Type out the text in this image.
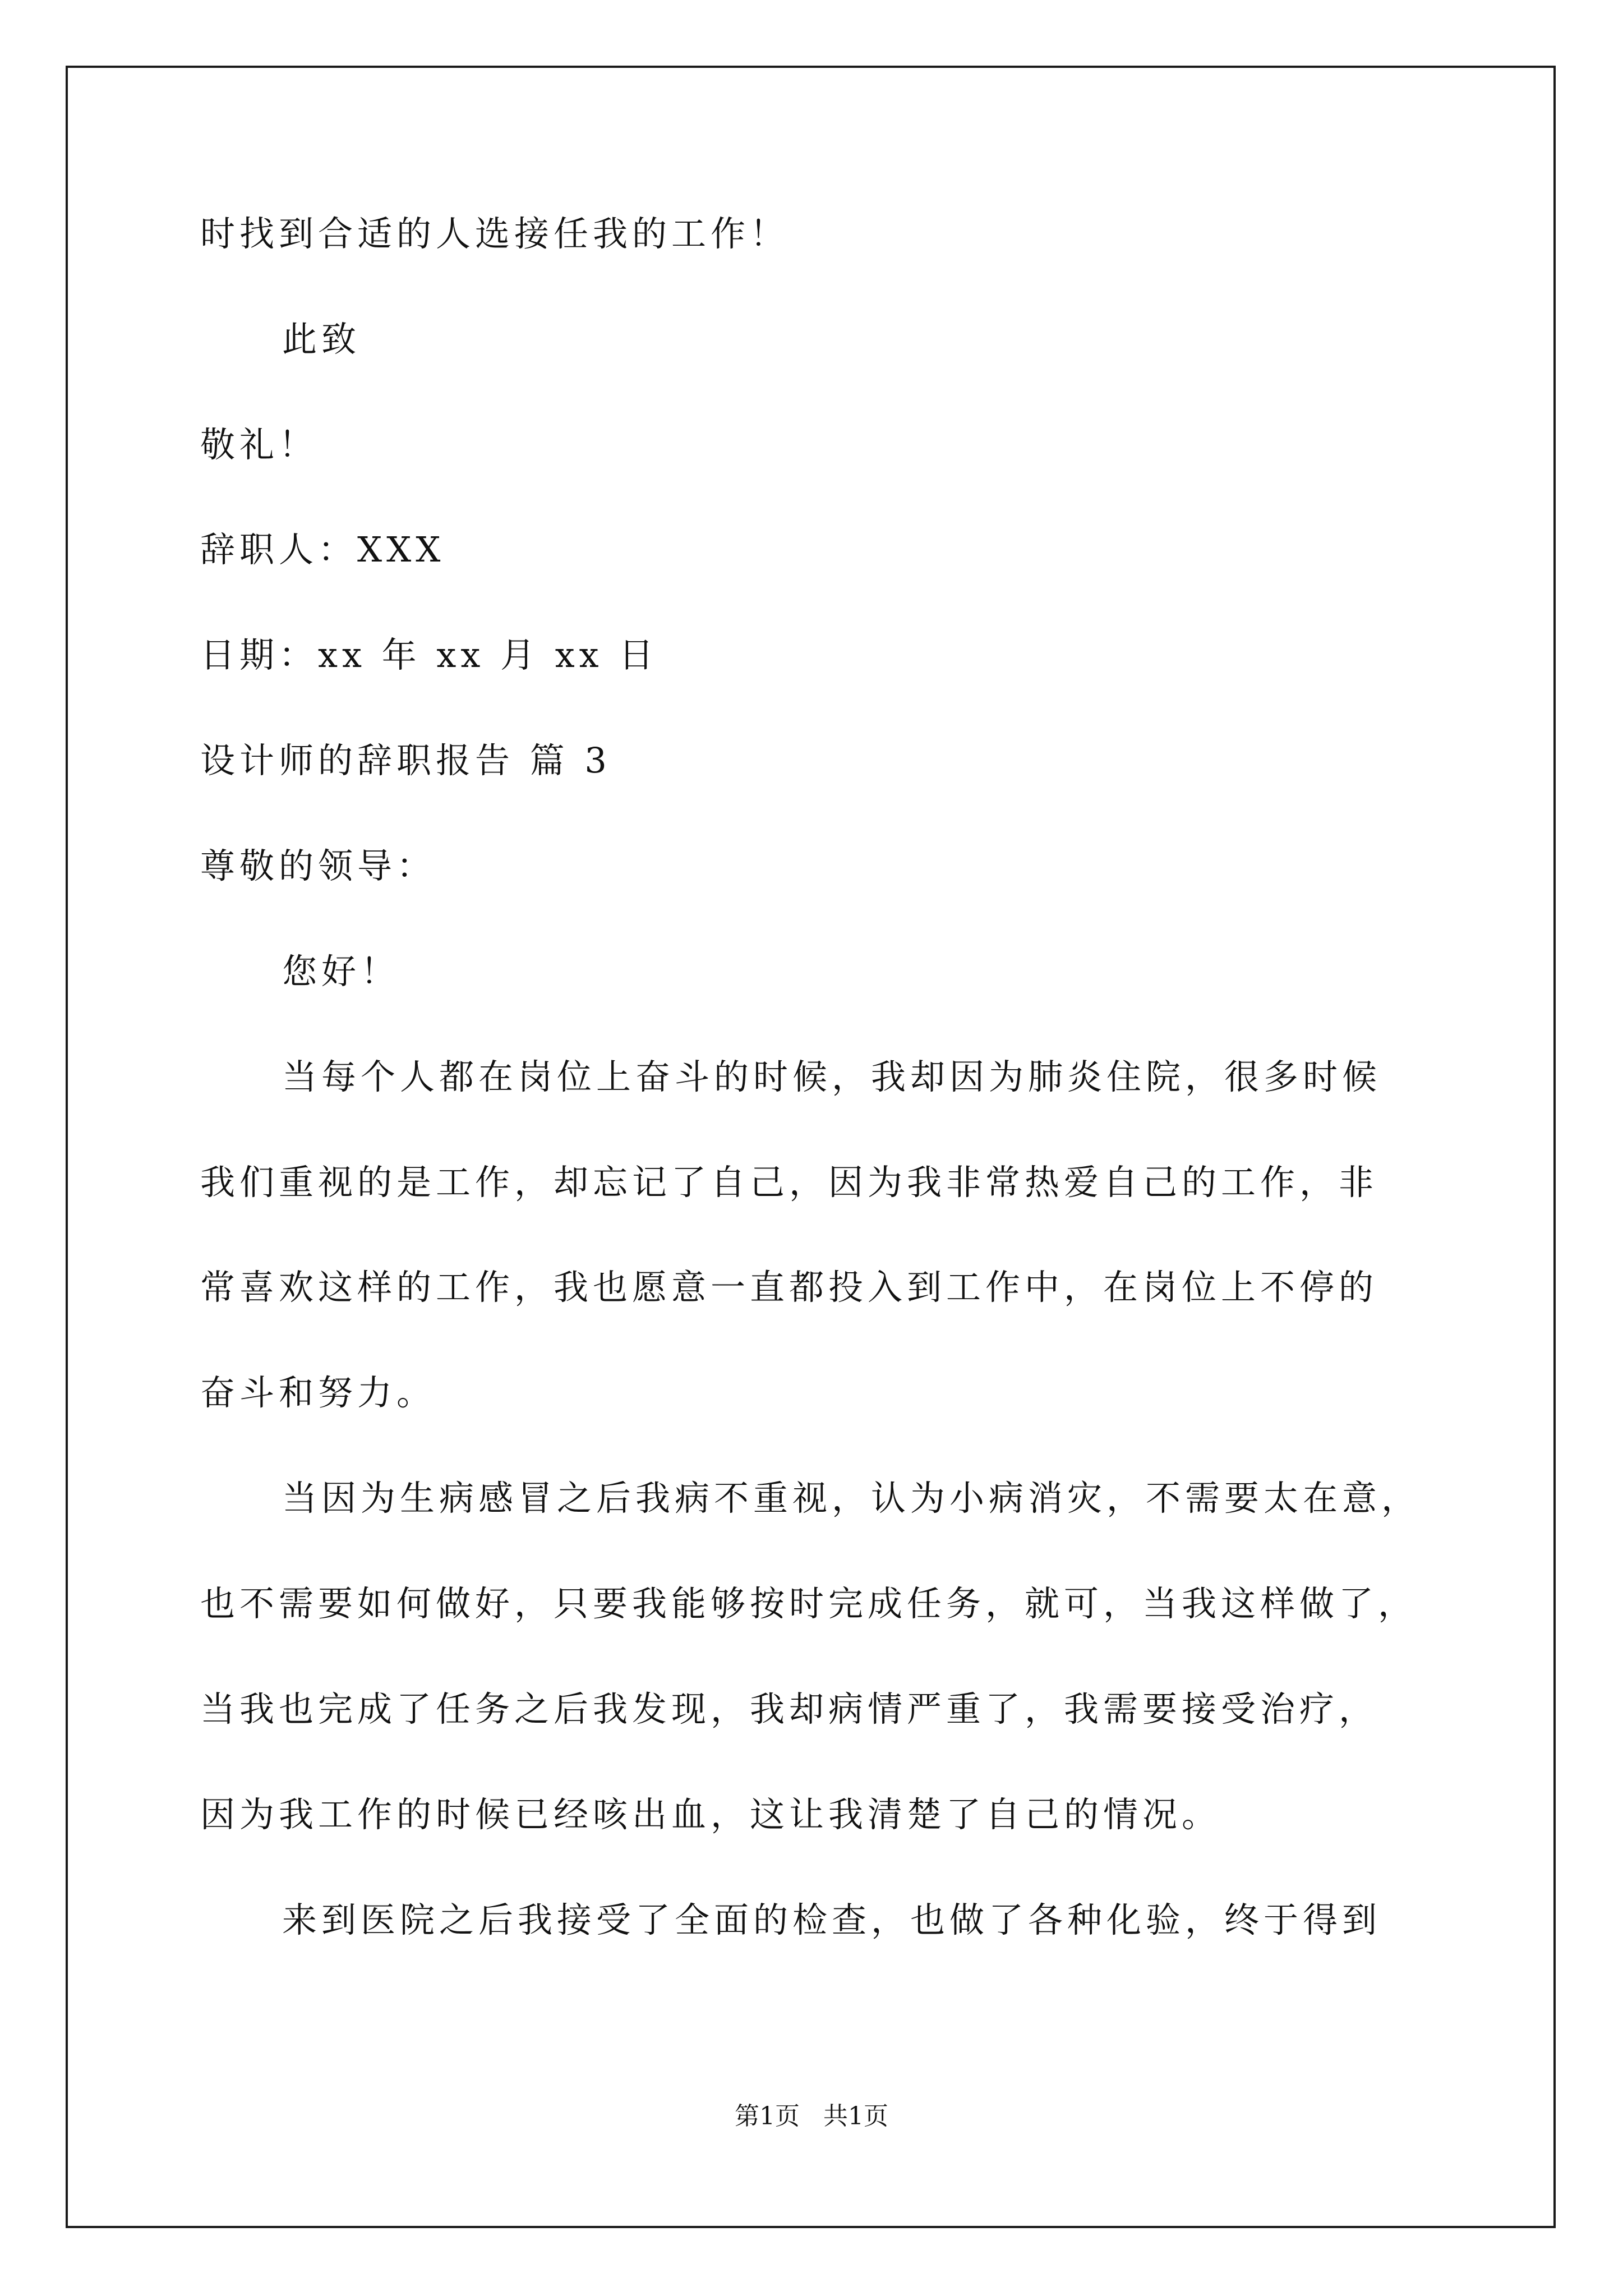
时找到合适的人选接任我的工作！
此致
敬礼！
辞职人：XXX
日期：xx 年 xx 月 xx 日
设计师的辞职报告 篇 3
尊敬的领导：
您好！
当每个人都在岗位上奋斗的时候，我却因为肺炎住院，很多时候
我们重视的是工作，却忘记了自己，因为我非常热爱自己的工作，非
常喜欢这样的工作，我也愿意一直都投入到工作中，在岗位上不停的
奋斗和努力。
当因为生病感冒之后我病不重视，认为小病消灾，不需要太在意，
也不需要如何做好，只要我能够按时完成任务，就可，当我这样做了，
当我也完成了任务之后我发现，我却病情严重了，我需要接受治疗，
因为我工作的时候已经咳出血，这让我清楚了自己的情况。
来到医院之后我接受了全面的检查，也做了各种化验，终于得到
第1页   共1页
